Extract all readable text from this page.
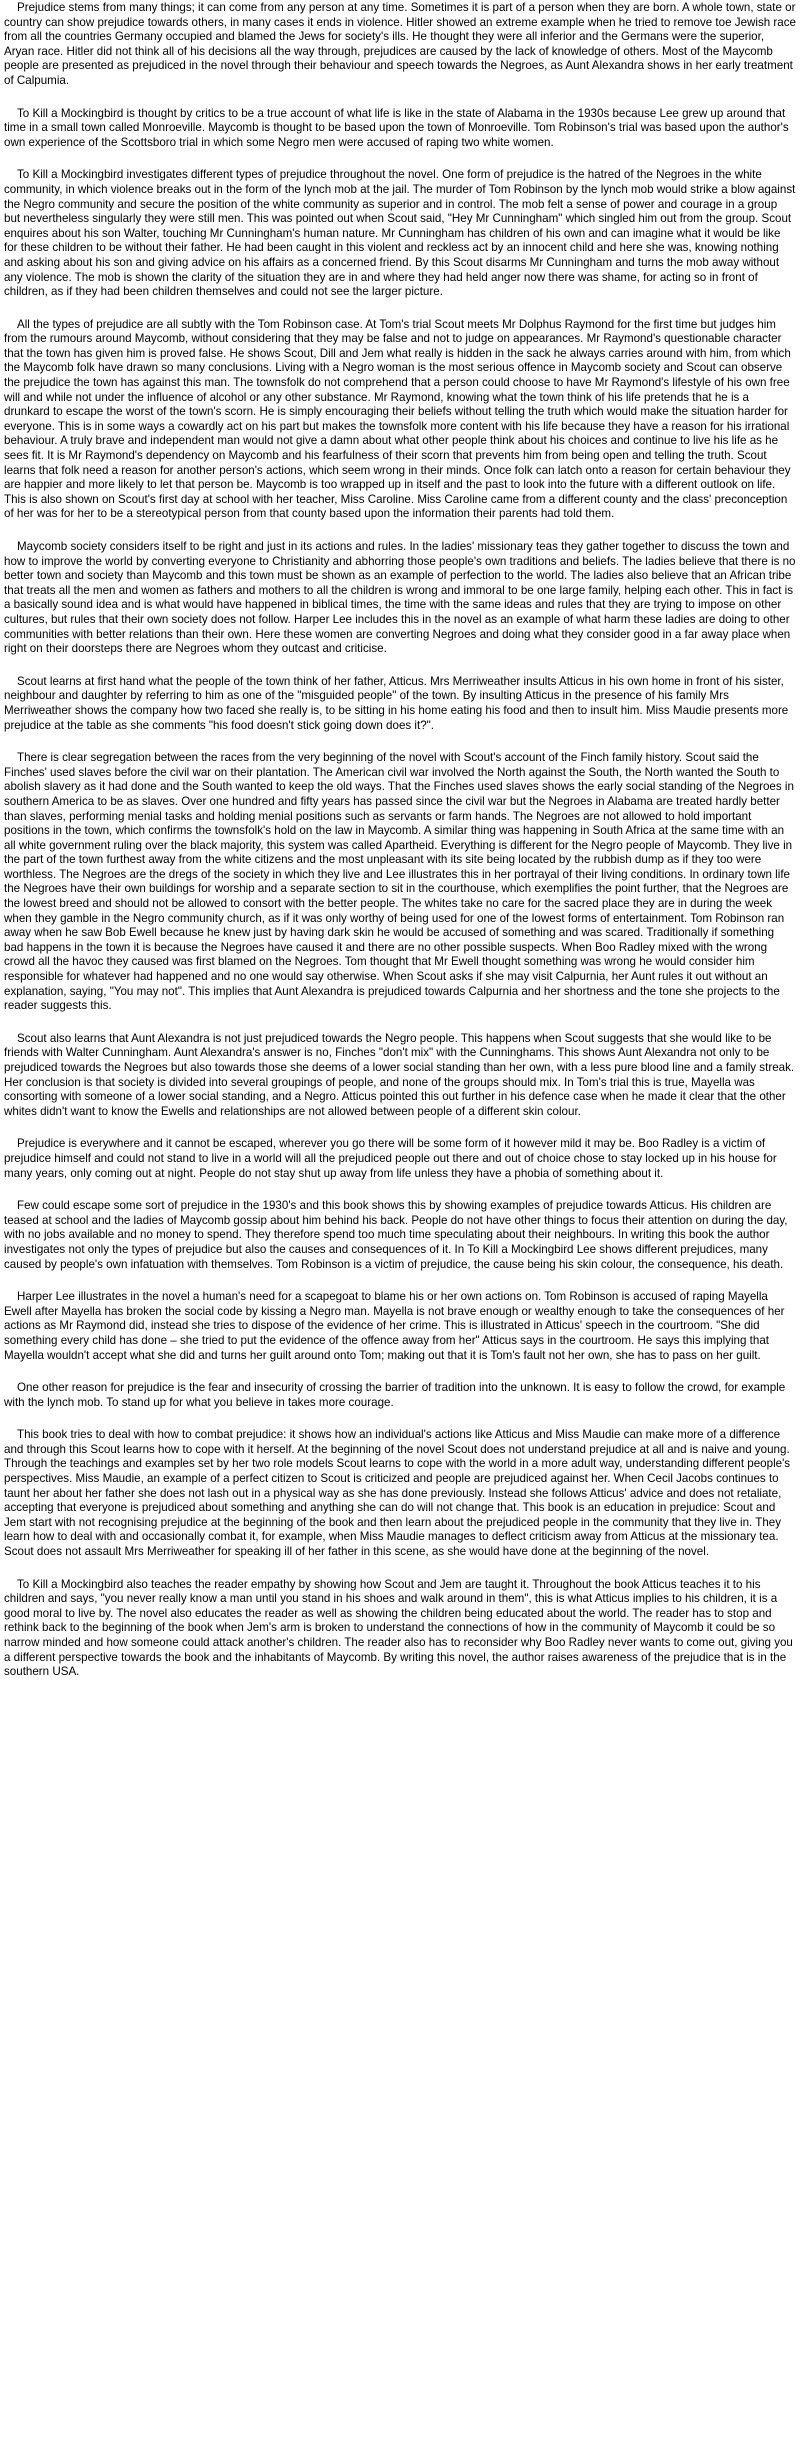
Prejudice stems from many things; it can come from any person at any time. Sometimes it is part of a person when they are born. A whole town, state or country can show prejudice towards others, in many cases it ends in violence. Hitler showed an extreme example when he tried to remove toe Jewish race from all the countries Germany occupied and blamed the Jews for society's ills. He thought they were all inferior and the Germans were the superior, Aryan race. Hitler did not think all of his decisions all the way through, prejudices are caused by the lack of knowledge of others. Most of the Maycomb people are presented as prejudiced in the novel through their behaviour and speech towards the Negroes, as Aunt Alexandra shows in her early treatment of Calpumia.

To Kill a Mockingbird is thought by critics to be a true account of what life is like in the state of Alabama in the 1930s because Lee grew up around that time in a small town called Monroeville. Maycomb is thought to be based upon the town of Monroeville. Tom Robinson's trial was based upon the author's own experience of the Scottsboro trial in which some Negro men were accused of raping two white women.

To Kill a Mockingbird investigates different types of prejudice throughout the novel. One form of prejudice is the hatred of the Negroes in the white community, in which violence breaks out in the form of the lynch mob at the jail. The murder of Tom Robinson by the lynch mob would strike a blow against the Negro community and secure the position of the white community as superior and in control. The mob felt a sense of power and courage in a group but nevertheless singularly they were still men. This was pointed out when Scout said, "Hey Mr Cunningham" which singled him out from the group. Scout enquires about his son Walter, touching Mr Cunningham's human nature. Mr Cunningham has children of his own and can imagine what it would be like for these children to be without their father. He had been caught in this violent and reckless act by an innocent child and here she was, knowing nothing and asking about his son and giving advice on his affairs as a concerned friend. By this Scout disarms Mr Cunningham and turns the mob away without any violence. The mob is shown the clarity of the situation they are in and where they had held anger now there was shame, for acting so in front of children, as if they had been children themselves and could not see the larger picture.

All the types of prejudice are all subtly with the Tom Robinson case. At Tom's trial Scout meets Mr Dolphus Raymond for the first time but judges him from the rumours around Maycomb, without considering that they may be false and not to judge on appearances. Mr Raymond's questionable character that the town has given him is proved false. He shows Scout, Dill and Jem what really is hidden in the sack he always carries around with him, from which the Maycomb folk have drawn so many conclusions. Living with a Negro woman is the most serious offence in Maycomb society and Scout can observe the prejudice the town has against this man. The townsfolk do not comprehend that a person could choose to have Mr Raymond's lifestyle of his own free will and while not under the influence of alcohol or any other substance. Mr Raymond, knowing what the town think of his life pretends that he is a drunkard to escape the worst of the town's scorn. He is simply encouraging their beliefs without telling the truth which would make the situation harder for everyone. This is in some ways a cowardly act on his part but makes the townsfolk more content with his life because they have a reason for his irrational behaviour. A truly brave and independent man would not give a damn about what other people think about his choices and continue to live his life as he sees fit. It is Mr Raymond's dependency on Maycomb and his fearfulness of their scorn that prevents him from being open and telling the truth. Scout learns that folk need a reason for another person's actions, which seem wrong in their minds. Once folk can latch onto a reason for certain behaviour they are happier and more likely to let that person be. Maycomb is too wrapped up in itself and the past to look into the future with a different outlook on life. This is also shown on Scout's first day at school with her teacher, Miss Caroline. Miss Caroline came from a different county and the class' preconception of her was for her to be a stereotypical person from that county based upon the information their parents had told them.

Maycomb society considers itself to be right and just in its actions and rules. In the ladies' missionary teas they gather together to discuss the town and how to improve the world by converting everyone to Christianity and abhorring those people's own traditions and beliefs. The ladies believe that there is no better town and society than Maycomb and this town must be shown as an example of perfection to the world. The ladies also believe that an African tribe that treats all the men and women as fathers and mothers to all the children is wrong and immoral to be one large family, helping each other. This in fact is a basically sound idea and is what would have happened in biblical times, the time with the same ideas and rules that they are trying to impose on other cultures, but rules that their own society does not follow. Harper Lee includes this in the novel as an example of what harm these ladies are doing to other communities with better relations than their own. Here these women are converting Negroes and doing what they consider good in a far away place when right on their doorsteps there are Negroes whom they outcast and criticise.

Scout learns at first hand what the people of the town think of her father, Atticus. Mrs Merriweather insults Atticus in his own home in front of his sister, neighbour and daughter by referring to him as one of the "misguided people" of the town. By insulting Atticus in the presence of his family Mrs Merriweather shows the company how two faced she really is, to be sitting in his home eating his food and then to insult him. Miss Maudie presents more prejudice at the table as she comments "his food doesn't stick going down does it?".

There is clear segregation between the races from the very beginning of the novel with Scout's account of the Finch family history. Scout said the Finches' used slaves before the civil war on their plantation. The American civil war involved the North against the South, the North wanted the South to abolish slavery as it had done and the South wanted to keep the old ways. That the Finches used slaves shows the early social standing of the Negroes in southern America to be as slaves. Over one hundred and fifty years has passed since the civil war but the Negroes in Alabama are treated hardly better than slaves, performing menial tasks and holding menial positions such as servants or farm hands. The Negroes are not allowed to hold important positions in the town, which confirms the townsfolk's hold on the law in Maycomb. A similar thing was happening in South Africa at the same time with an all white government ruling over the black majority, this system was called Apartheid. Everything is different for the Negro people of Maycomb. They live in the part of the town furthest away from the white citizens and the most unpleasant with its site being located by the rubbish dump as if they too were worthless. The Negroes are the dregs of the society in which they live and Lee illustrates this in her portrayal of their living conditions. In ordinary town life the Negroes have their own buildings for worship and a separate section to sit in the courthouse, which exemplifies the point further, that the Negroes are the lowest breed and should not be allowed to consort with the better people. The whites take no care for the sacred place they are in during the week when they gamble in the Negro community church, as if it was only worthy of being used for one of the lowest forms of entertainment. Tom Robinson ran away when he saw Bob Ewell because he knew just by having dark skin he would be accused of something and was scared. Traditionally if something bad happens in the town it is because the Negroes have caused it and there are no other possible suspects. When Boo Radley mixed with the wrong crowd all the havoc they caused was first blamed on the Negroes. Tom thought that Mr Ewell thought something was wrong he would consider him responsible for whatever had happened and no one would say otherwise. When Scout asks if she may visit Calpurnia, her Aunt rules it out without an explanation, saying, "You may not". This implies that Aunt Alexandra is prejudiced towards Calpurnia and her shortness and the tone she projects to the reader suggests this.

Scout also learns that Aunt Alexandra is not just prejudiced towards the Negro people. This happens when Scout suggests that she would like to be friends with Walter Cunningham. Aunt Alexandra's answer is no, Finches "don't mix" with the Cunninghams. This shows Aunt Alexandra not only to be prejudiced towards the Negroes but also towards those she deems of a lower social standing than her own, with a less pure blood line and a family streak. Her conclusion is that society is divided into several groupings of people, and none of the groups should mix. In Tom's trial this is true, Mayella was consorting with someone of a lower social standing, and a Negro. Atticus pointed this out further in his defence case when he made it clear that the other whites didn't want to know the Ewells and relationships are not allowed between people of a different skin colour.

Prejudice is everywhere and it cannot be escaped, wherever you go there will be some form of it however mild it may be. Boo Radley is a victim of prejudice himself and could not stand to live in a world will all the prejudiced people out there and out of choice chose to stay locked up in his house for many years, only coming out at night. People do not stay shut up away from life unless they have a phobia of something about it.

Few could escape some sort of prejudice in the 1930's and this book shows this by showing examples of prejudice towards Atticus. His children are teased at school and the ladies of Maycomb gossip about him behind his back. People do not have other things to focus their attention on during the day, with no jobs available and no money to spend. They therefore spend too much time speculating about their neighbours. In writing this book the author investigates not only the types of prejudice but also the causes and consequences of it. In To Kill a Mockingbird Lee shows different prejudices, many caused by people's own infatuation with themselves. Tom Robinson is a victim of prejudice, the cause being his skin colour, the consequence, his death.

Harper Lee illustrates in the novel a human's need for a scapegoat to blame his or her own actions on. Tom Robinson is accused of raping Mayella Ewell after Mayella has broken the social code by kissing a Negro man. Mayella is not brave enough or wealthy enough to take the consequences of her actions as Mr Raymond did, instead she tries to dispose of the evidence of her crime. This is illustrated in Atticus' speech in the courtroom. "She did something every child has done – she tried to put the evidence of the offence away from her" Atticus says in the courtroom. He says this implying that Mayella wouldn't accept what she did and turns her guilt around onto Tom; making out that it is Tom's fault not her own, she has to pass on her guilt.

One other reason for prejudice is the fear and insecurity of crossing the barrier of tradition into the unknown. It is easy to follow the crowd, for example with the lynch mob. To stand up for what you believe in takes more courage.

This book tries to deal with how to combat prejudice: it shows how an individual's actions like Atticus and Miss Maudie can make more of a difference and through this Scout learns how to cope with it herself. At the beginning of the novel Scout does not understand prejudice at all and is naive and young. Through the teachings and examples set by her two role models Scout learns to cope with the world in a more adult way, understanding different people's perspectives. Miss Maudie, an example of a perfect citizen to Scout is criticized and people are prejudiced against her. When Cecil Jacobs continues to taunt her about her father she does not lash out in a physical way as she has done previously. Instead she follows Atticus' advice and does not retaliate, accepting that everyone is prejudiced about something and anything she can do will not change that. This book is an education in prejudice: Scout and Jem start with not recognising prejudice at the beginning of the book and then learn about the prejudiced people in the community that they live in. They learn how to deal with and occasionally combat it, for example, when Miss Maudie manages to deflect criticism away from Atticus at the missionary tea. Scout does not assault Mrs Merriweather for speaking ill of her father in this scene, as she would have done at the beginning of the novel.

To Kill a Mockingbird also teaches the reader empathy by showing how Scout and Jem are taught it. Throughout the book Atticus teaches it to his children and says, "you never really know a man until you stand in his shoes and walk around in them", this is what Atticus implies to his children, it is a good moral to live by. The novel also educates the reader as well as showing the children being educated about the world. The reader has to stop and rethink back to the beginning of the book when Jem's arm is broken to understand the connections of how in the community of Maycomb it could be so narrow minded and how someone could attack another's children. The reader also has to reconsider why Boo Radley never wants to come out, giving you a different perspective towards the book and the inhabitants of Maycomb. By writing this novel, the author raises awareness of the prejudice that is in the southern USA.
